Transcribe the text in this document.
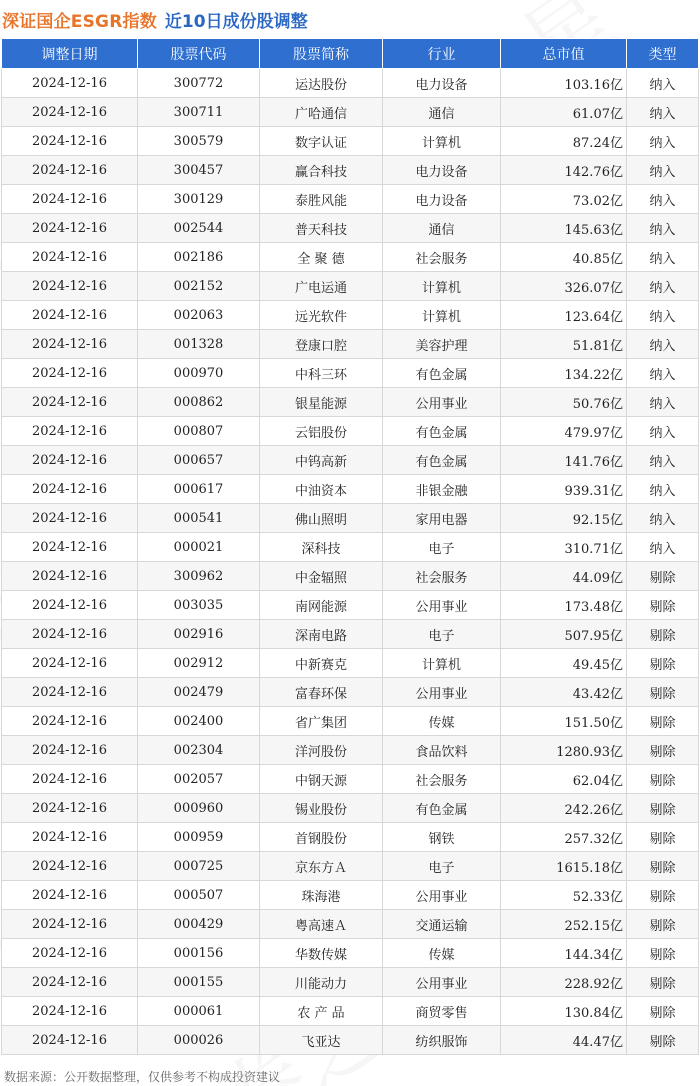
深证国企ESGR指数 近10日成份股调整
调整日期	股票代码	股票简称	行业	总市值	类型
2024-12-16	300772	运达股份	电力设备	103.16亿	纳入
2024-12-16	300711	广哈通信	通信	61.07亿	纳入
2024-12-16	300579	数字认证	计算机	87.24亿	纳入
2024-12-16	300457	赢合科技	电力设备	142.76亿	纳入
2024-12-16	300129	泰胜风能	电力设备	73.02亿	纳入
2024-12-16	002544	普天科技	通信	145.63亿	纳入
2024-12-16	002186	全 聚 德	社会服务	40.85亿	纳入
2024-12-16	002152	广电运通	计算机	326.07亿	纳入
2024-12-16	002063	远光软件	计算机	123.64亿	纳入
2024-12-16	001328	登康口腔	美容护理	51.81亿	纳入
2024-12-16	000970	中科三环	有色金属	134.22亿	纳入
2024-12-16	000862	银星能源	公用事业	50.76亿	纳入
2024-12-16	000807	云铝股份	有色金属	479.97亿	纳入
2024-12-16	000657	中钨高新	有色金属	141.76亿	纳入
2024-12-16	000617	中油资本	非银金融	939.31亿	纳入
2024-12-16	000541	佛山照明	家用电器	92.15亿	纳入
2024-12-16	000021	深科技	电子	310.71亿	纳入
2024-12-16	300962	中金辐照	社会服务	44.09亿	剔除
2024-12-16	003035	南网能源	公用事业	173.48亿	剔除
2024-12-16	002916	深南电路	电子	507.95亿	剔除
2024-12-16	002912	中新赛克	计算机	49.45亿	剔除
2024-12-16	002479	富春环保	公用事业	43.42亿	剔除
2024-12-16	002400	省广集团	传媒	151.50亿	剔除
2024-12-16	002304	洋河股份	食品饮料	1280.93亿	剔除
2024-12-16	002057	中钢天源	社会服务	62.04亿	剔除
2024-12-16	000960	锡业股份	有色金属	242.26亿	剔除
2024-12-16	000959	首钢股份	钢铁	257.32亿	剔除
2024-12-16	000725	京东方Ａ	电子	1615.18亿	剔除
2024-12-16	000507	珠海港	公用事业	52.33亿	剔除
2024-12-16	000429	粤高速Ａ	交通运输	252.15亿	剔除
2024-12-16	000156	华数传媒	传媒	144.34亿	剔除
2024-12-16	000155	川能动力	公用事业	228.92亿	剔除
2024-12-16	000061	农 产 品	商贸零售	130.84亿	剔除
2024-12-16	000026	飞亚达	纺织服饰	44.47亿	剔除
数据来源：公开数据整理，仅供参考不构成投资建议
